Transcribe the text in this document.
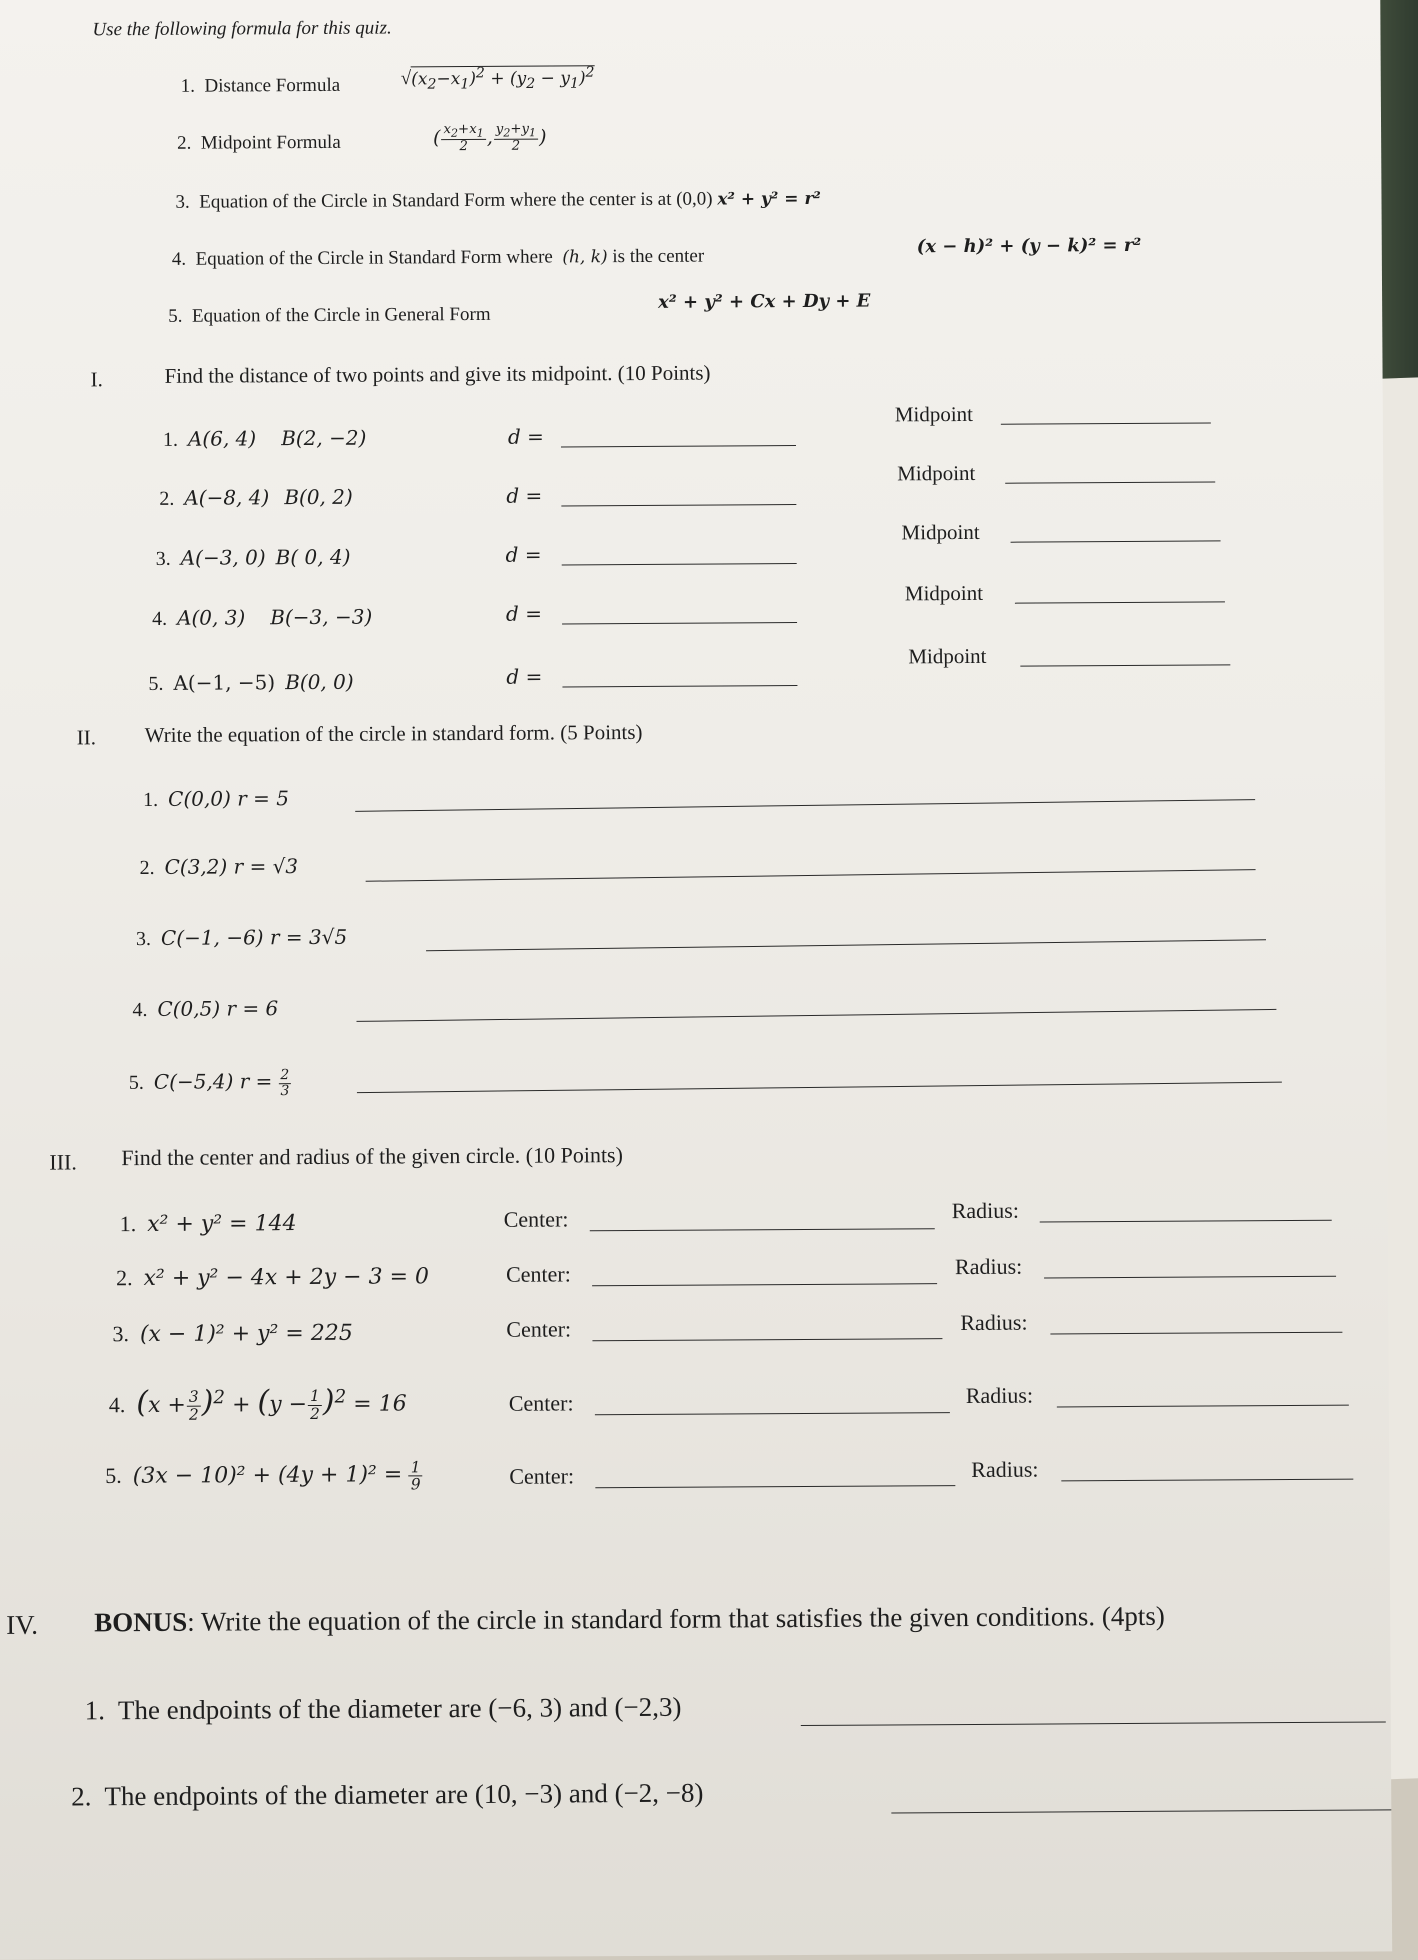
Use the following formula for this quiz.
1. Distance Formula	$√(x_2-x_1)^2 + (y_2 - y_1)^2$
2. Midpoint Formula	( $\frac{x_2+x_1}{2}$ , $\frac{y_2+y_1}{2}$ )
3. Equation of the Circle in Standard Form where the center is at (0,0) x² + y² = r²
4. Equation of the Circle in Standard Form where (h, k) is the center	(x − h)² + (y − k)² = r²
5. Equation of the Circle in General Form
x² + y² + Cx + Dy + E
I.	Find the distance of two points and give its midpoint. (10 Points)
1. A(6, 4) B(2, −2)	d =
Midpoint
2. A(−8, 4) B(0, 2)	d =
Midpoint
3. A(−3, 0) B( 0, 4)	d =
Midpoint
4. A(0, 3) B(−3, −3)	d =
Midpoint
5. A(−1, −5) B(0, 0)	d =
Midpoint
II. Write the equation of the circle in standard form. (5 Points)
1. C(0,0) r = 5
2. C(3,2) r = √3
3. C(−1, −6) r = 3√5
4. C(0,5) r = 6
5. C(−5,4) $r = \frac{2}{3}$
III. Find the center and radius of the given circle. (10 Points)
1. x² + y² = 144	Center:	Radius:
2. x² + y² − 4x + 2y − 3 = 0	Center:	Radius:
3. (x − 1)² + y² = 225	Center:	Radius:
4. $(x + \frac{3}{2} )^2 + (y - \frac{1}{2} )^2 = 16$	Center:	Radius:
5. $(3x - 10)^2 + (4y + 1)^2 = \frac{1}{9}$	Center:	Radius:
IV. BONUS: Write the equation of the circle in standard form that satisfies the given conditions. (4pts)
1. The endpoints of the diameter are (−6, 3) and (−2,3)
2. The endpoints of the diameter are (10, −3) and (−2, −8)
